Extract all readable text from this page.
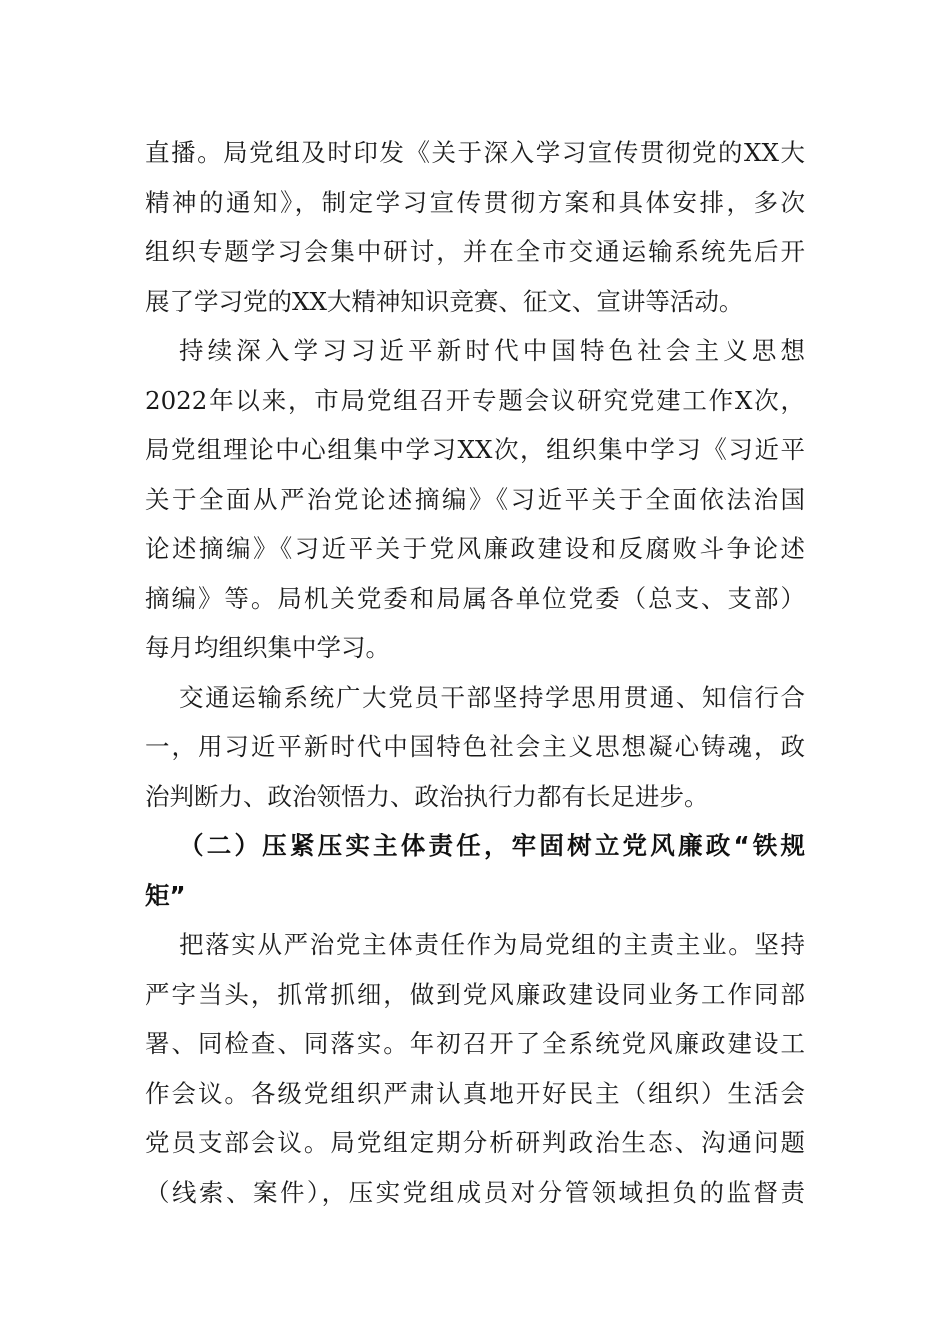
直播。局党组及时印发《关于深入学习宣传贯彻党的XX大
精神的通知》，制定学习宣传贯彻方案和具体安排，多次
组织专题学习会集中研讨，并在全市交通运输系统先后开
展了学习党的XX大精神知识竞赛、征文、宣讲等活动。
持续深入学习习近平新时代中国特色社会主义思想
2022年以来，市局党组召开专题会议研究党建工作X次，
局党组理论中心组集中学习XX次，组织集中学习《习近平
关于全面从严治党论述摘编》《习近平关于全面依法治国
论述摘编》《习近平关于党风廉政建设和反腐败斗争论述
摘编》等。局机关党委和局属各单位党委（总支、支部）
每月均组织集中学习。
交通运输系统广大党员干部坚持学思用贯通、知信行合
一，用习近平新时代中国特色社会主义思想凝心铸魂，政
治判断力、政治领悟力、政治执行力都有长足进步。
（二）压紧压实主体责任，牢固树立党风廉政“铁规
矩”
把落实从严治党主体责任作为局党组的主责主业。坚持
严字当头，抓常抓细，做到党风廉政建设同业务工作同部
署、同检查、同落实。年初召开了全系统党风廉政建设工
作会议。各级党组织严肃认真地开好民主（组织）生活会
党员支部会议。局党组定期分析研判政治生态、沟通问题
（线索、案件），压实党组成员对分管领域担负的监督责
